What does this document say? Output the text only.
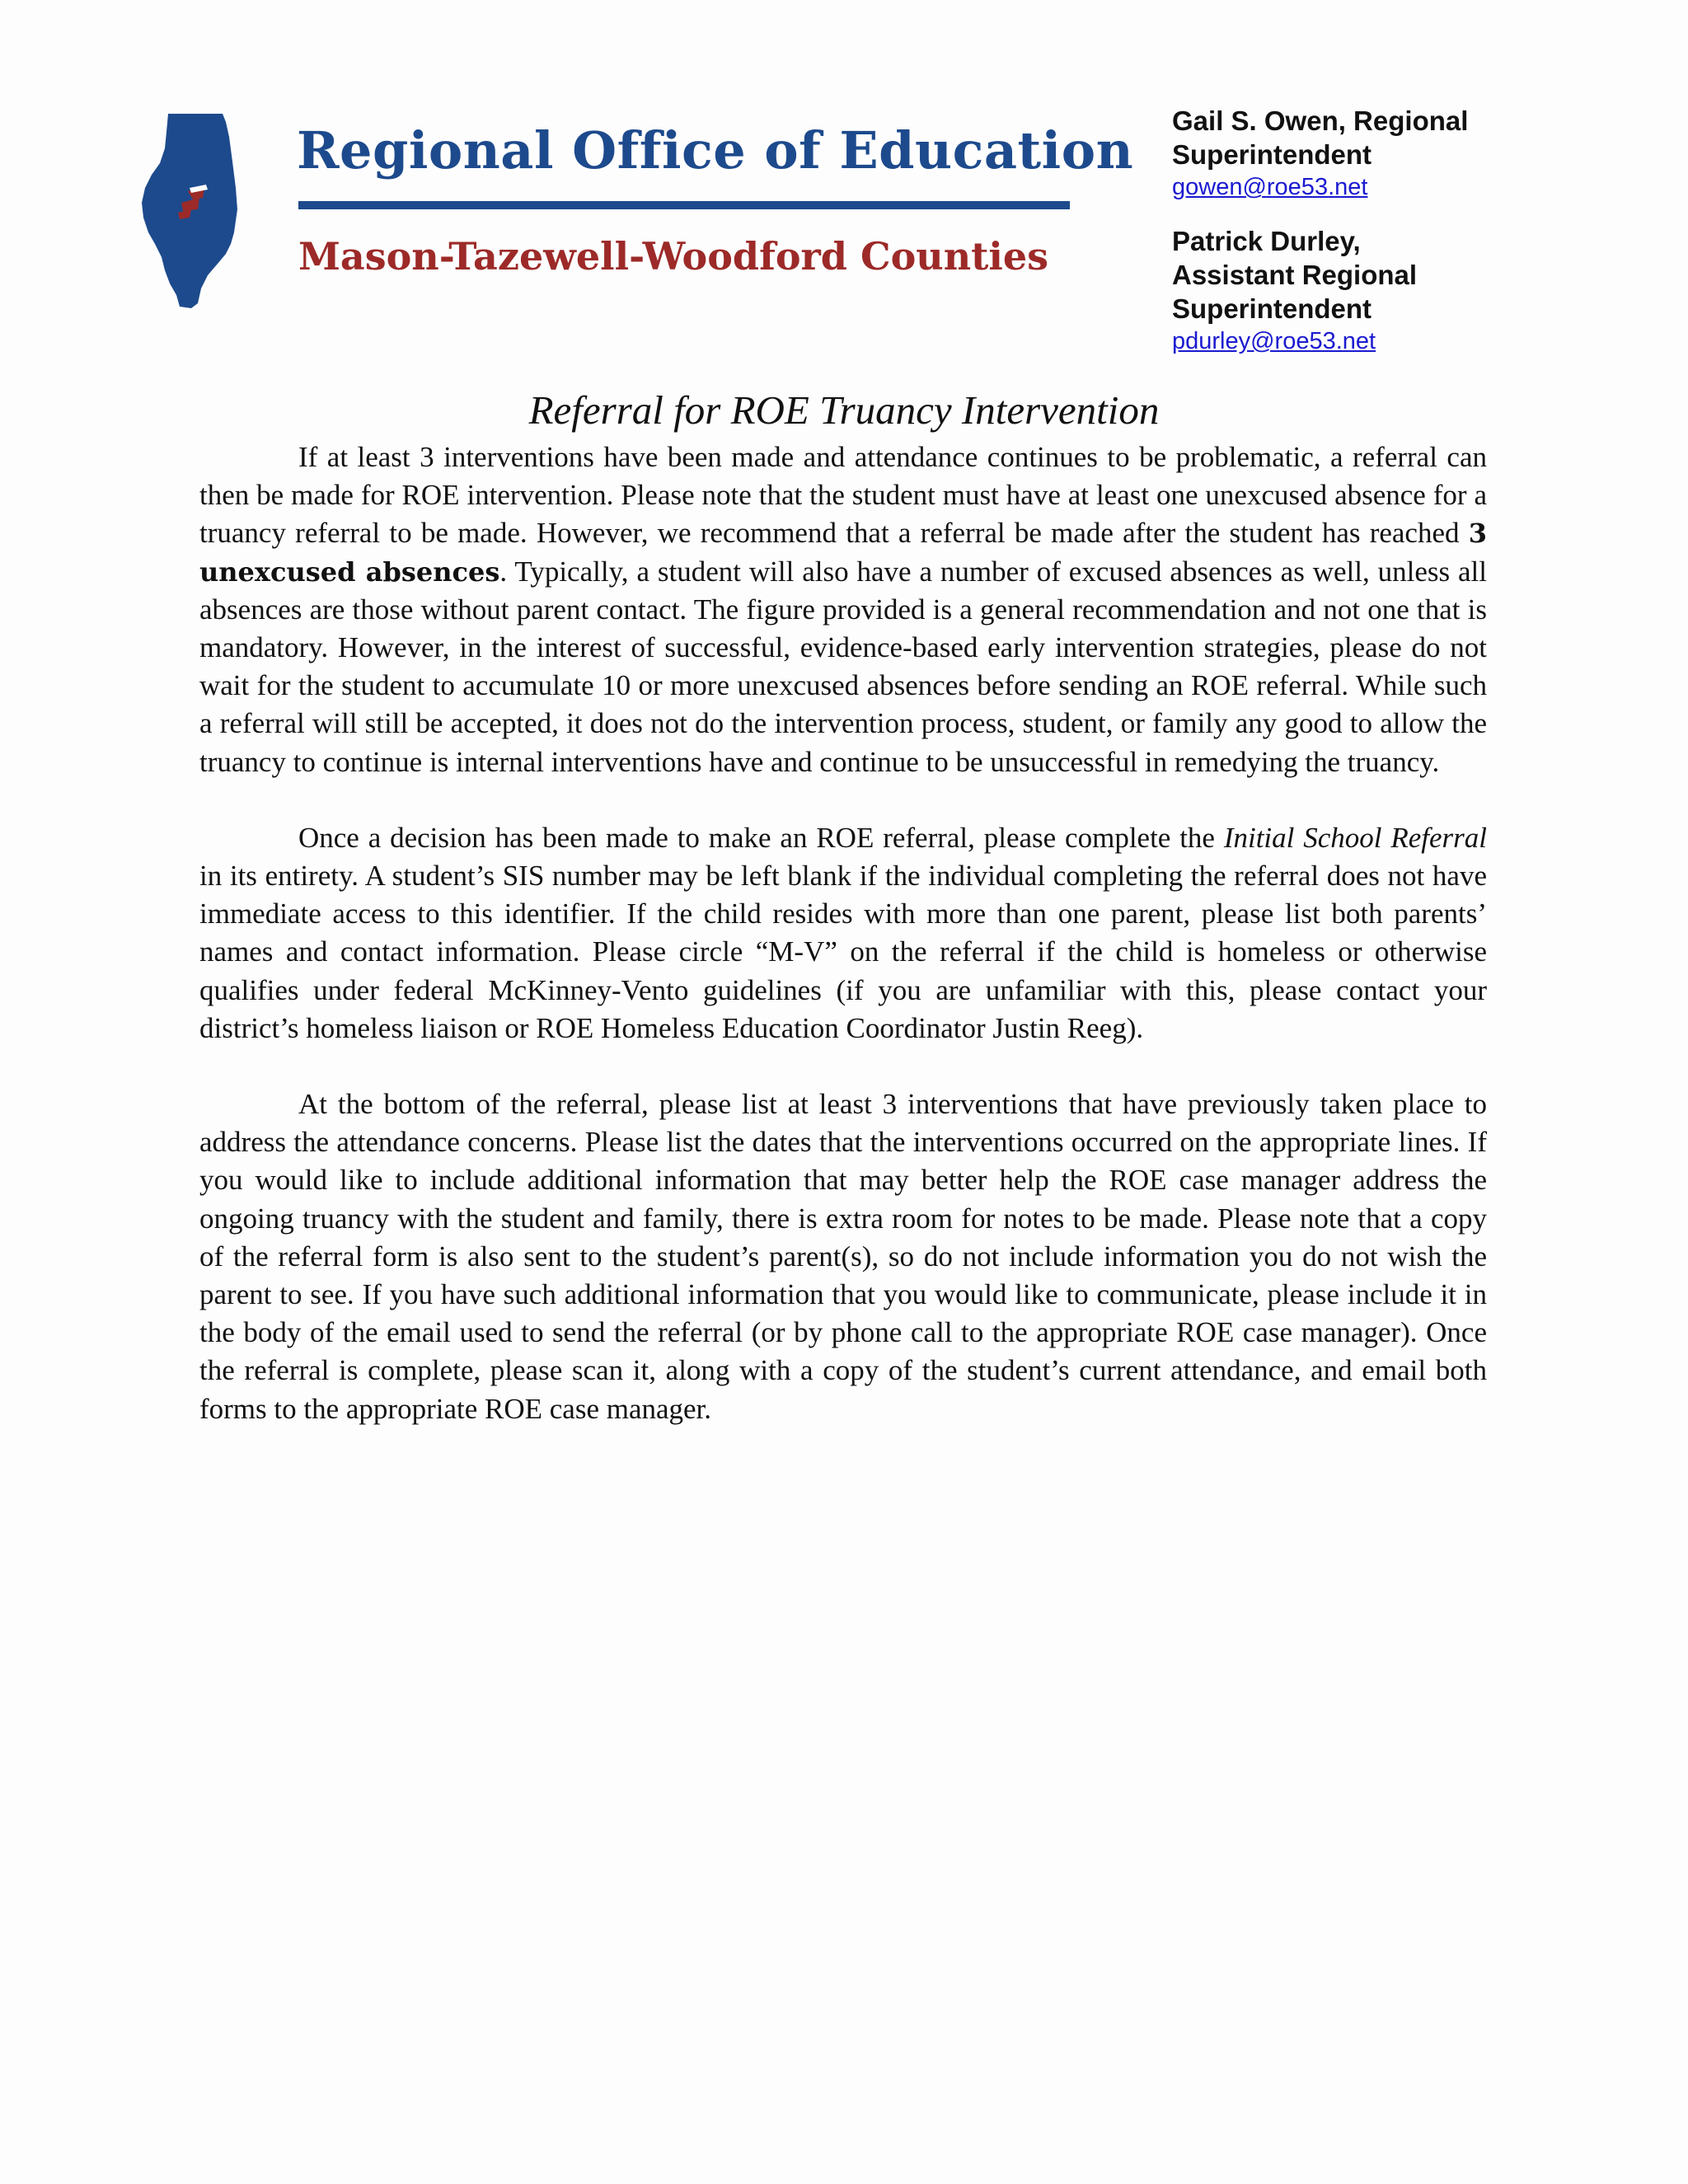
Regional Office of Education
Mason-Tazewell-Woodford Counties
Gail S. Owen, Regional Superintendent
gowen@roe53.net
Patrick Durley, Assistant Regional Superintendent
pdurley@roe53.net
Referral for ROE Truancy Intervention

If at least 3 interventions have been made and attendance continues to be problematic, a referral can then be made for ROE intervention. Please note that the student must have at least one unexcused absence for a truancy referral to be made. However, we recommend that a referral be made after the student has reached 3 unexcused absences. Typically, a student will also have a number of excused absences as well, unless all absences are those without parent contact. The figure provided is a general recommendation and not one that is mandatory. However, in the interest of successful, evidence-based early intervention strategies, please do not wait for the student to accumulate 10 or more unexcused absences before sending an ROE referral. While such a referral will still be accepted, it does not do the intervention process, student, or family any good to allow the truancy to continue is internal interventions have and continue to be unsuccessful in remedying the truancy.

Once a decision has been made to make an ROE referral, please complete the Initial School Referral in its entirety. A student’s SIS number may be left blank if the individual completing the referral does not have immediate access to this identifier. If the child resides with more than one parent, please list both parents’ names and contact information. Please circle “M-V” on the referral if the child is homeless or otherwise qualifies under federal McKinney-Vento guidelines (if you are unfamiliar with this, please contact your district’s homeless liaison or ROE Homeless Education Coordinator Justin Reeg).

At the bottom of the referral, please list at least 3 interventions that have previously taken place to address the attendance concerns. Please list the dates that the interventions occurred on the appropriate lines. If you would like to include additional information that may better help the ROE case manager address the ongoing truancy with the student and family, there is extra room for notes to be made. Please note that a copy of the referral form is also sent to the student’s parent(s), so do not include information you do not wish the parent to see. If you have such additional information that you would like to communicate, please include it in the body of the email used to send the referral (or by phone call to the appropriate ROE case manager). Once the referral is complete, please scan it, along with a copy of the student’s current attendance, and email both forms to the appropriate ROE case manager.
